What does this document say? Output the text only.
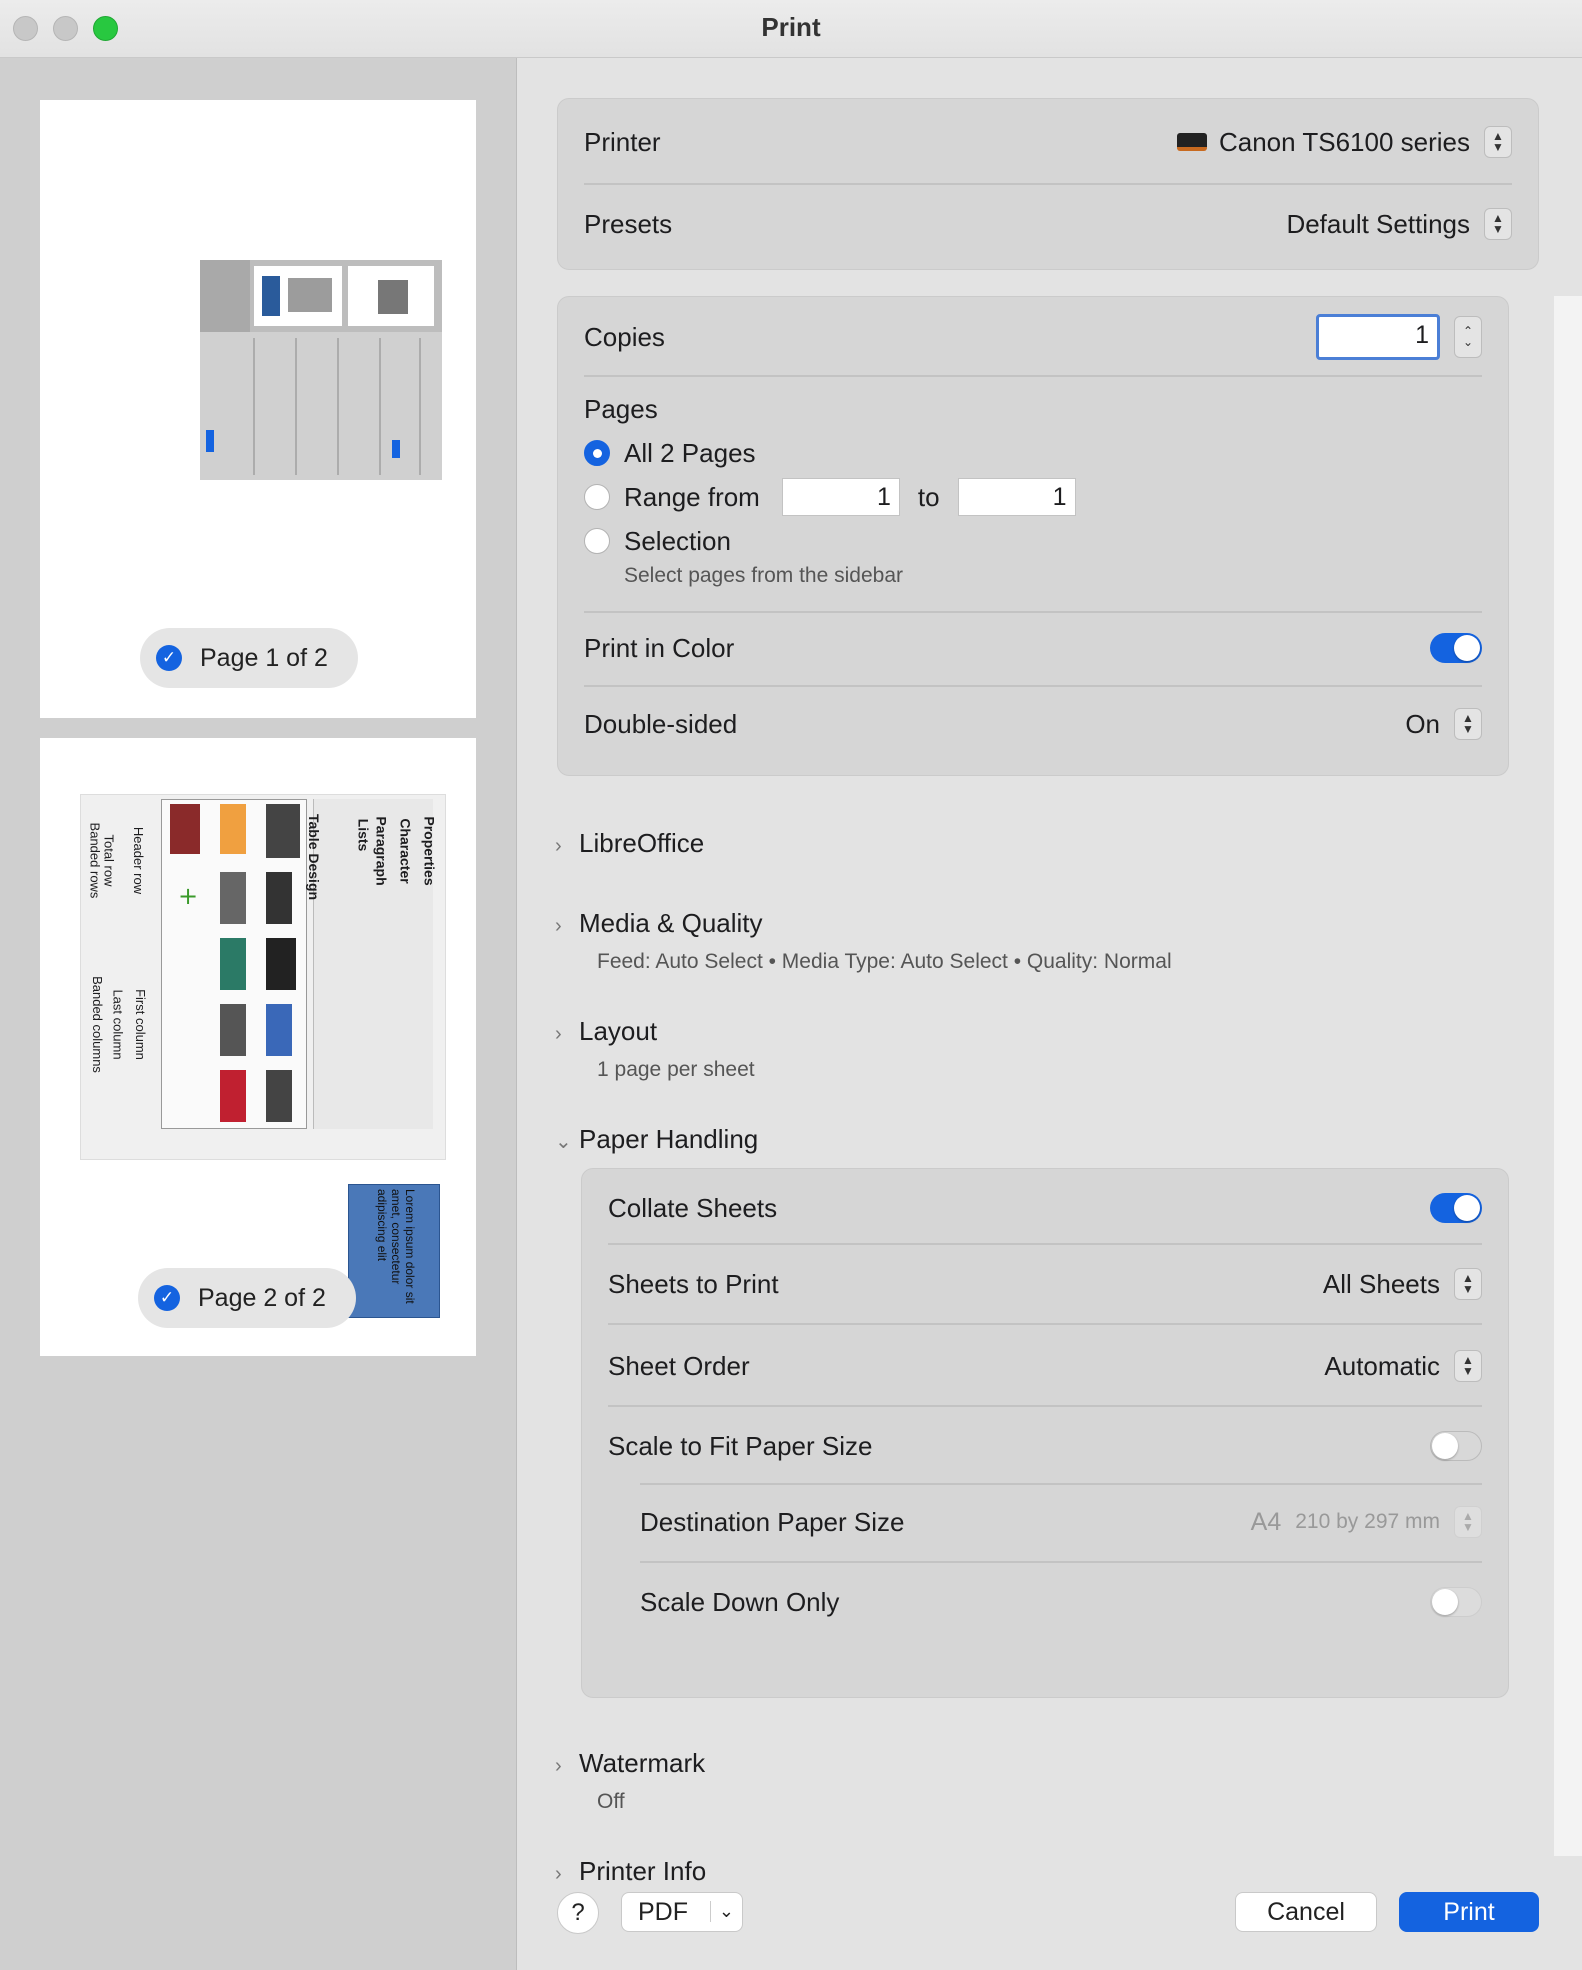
Print
✓ Page 1 of 2
+	Table Design Lists Paragraph Character Properties
Header row
Total row
Banded rows
First column
Last column
Banded columns
Lorem ipsum dolor sit amet, consectetur adipiscing elit
✓ Page 2 of 2
Printer	Canon TS6100 series	▲
▼
Presets	Default Settings	▲
▼
Copies	1	⌃
⌄
Pages
All 2 Pages
Range from	1	to	1
Selection
Select pages from the sidebar
Print in Color
Double-sided	On	▲
▼
› LibreOffice
› Media & Quality
Feed: Auto Select • Media Type: Auto Select • Quality: Normal
› Layout
1 page per sheet
⌄ Paper Handling
Collate Sheets
Sheets to Print	All Sheets	▲
▼
Sheet Order	Automatic	▲
▼
Scale to Fit Paper Size
Destination Paper Size	A4 210 by 297 mm	▲
▼
Scale Down Only
› Watermark
Off
› Printer Info
?	PDF	⌄	Cancel	Print
